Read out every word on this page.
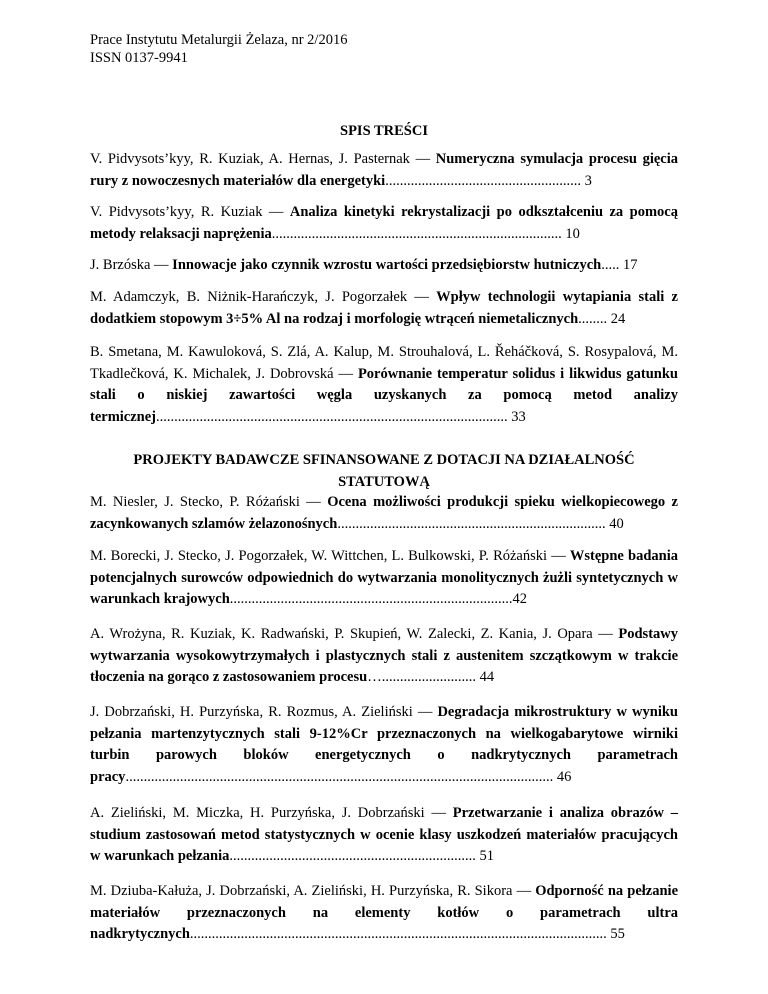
Prace Instytutu Metalurgii Żelaza, nr 2/2016
ISSN 0137-9941
SPIS TREŚCI
V. Pidvysots’kyy, R. Kuziak, A. Hernas, J. Pasternak — Numeryczna symulacja procesu gięcia rury z nowoczesnych materiałów dla energetyki...................................................... 3
V. Pidvysots’kyy, R. Kuziak — Analiza kinetyki rekrystalizacji po odkształceniu za pomocą metody relaksacji naprężenia................................................................................ 10
J. Brzóska — Innowacje jako czynnik wzrostu wartości przedsiębiorstw hutniczych..... 17
M. Adamczyk, B. Niżnik-Harańczyk, J. Pogorzałek — Wpływ technologii wytapiania stali z dodatkiem stopowym 3÷5% Al na rodzaj i morfologię wtrąceń niemetalicznych........ 24
B. Smetana, M. Kawuloková, S. Zlá, A. Kalup, M. Strouhalová, L. Řeháčková, S. Rosypalová, M. Tkadlečková, K. Michalek, J. Dobrovská — Porównanie temperatur solidus i likwidus gatunku stali o niskiej zawartości węgla uzyskanych za pomocą metod analizy termicznej................................................................................................. 33
PROJEKTY BADAWCZE SFINANSOWANE Z DOTACJI NA DZIAŁALNOŚĆ STATUTOWĄ
M. Niesler, J. Stecko, P. Różański — Ocena możliwości produkcji spieku wielkopiecowego z zacynkowanych szlamów żelazonośnych.......................................................................... 40
M. Borecki, J. Stecko, J. Pogorzałek, W. Wittchen, L. Bulkowski, P. Różański — Wstępne badania potencjalnych surowców odpowiednich do wytwarzania monolitycznych żużli syntetycznych w warunkach krajowych..............................................................................42
A. Wrożyna, R. Kuziak, K. Radwański, P. Skupień, W. Zalecki, Z. Kania, J. Opara — Podstawy wytwarzania wysokowytrzymałych i plastycznych stali z austenitem szczątkowym w trakcie tłoczenia na gorąco z zastosowaniem procesu….......................... 44
J. Dobrzański, H. Purzyńska, R. Rozmus, A. Zieliński — Degradacja mikrostruktury w wyniku pełzania martenzytycznych stali 9-12%Cr przeznaczonych na wielkogabarytowe wirniki turbin parowych bloków energetycznych o nadkrytycznych parametrach pracy...................................................................................................................... 46
A. Zieliński, M. Miczka, H. Purzyńska, J. Dobrzański — Przetwarzanie i analiza obrazów – studium zastosowań metod statystycznych w ocenie klasy uszkodzeń materiałów pracujących w warunkach pełzania.................................................................... 51
M. Dziuba-Kałuża, J. Dobrzański, A. Zieliński, H. Purzyńska, R. Sikora — Odporność na pełzanie materiałów przeznaczonych na elementy kotłów o parametrach ultra nadkrytycznych................................................................................................................... 55
